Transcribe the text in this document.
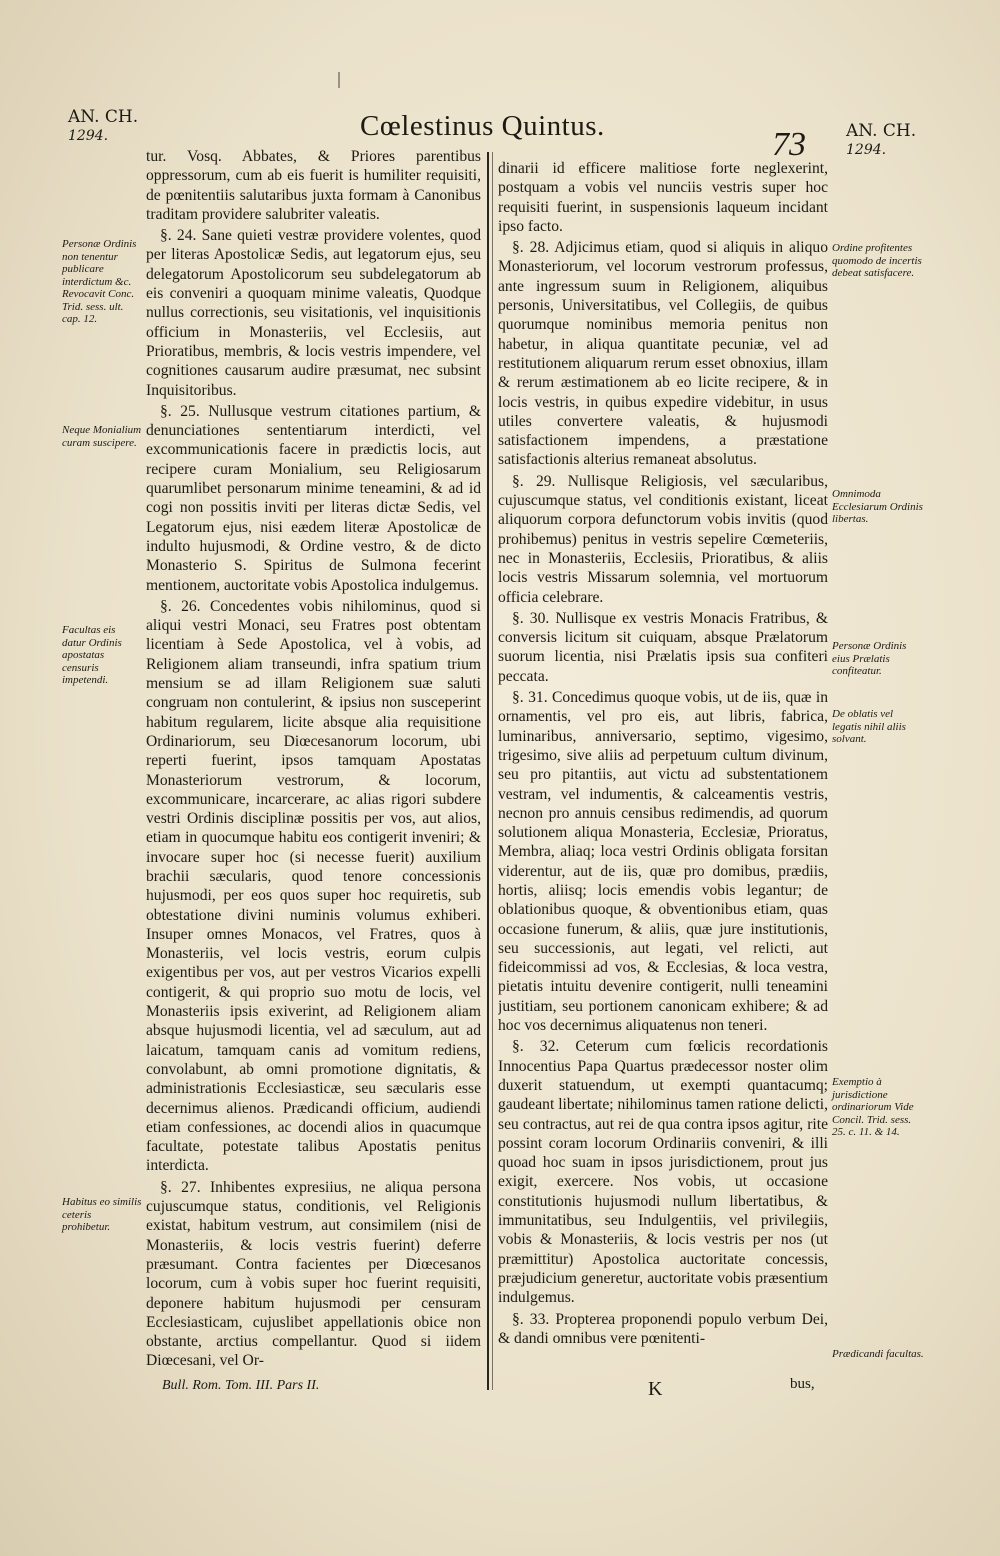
AN. CH.
1294.	Cœlestinus Quintus.	73 AN. CH.
1294.

tur. Vosq. Abbates, & Priores parentibus oppressorum, cum ab eis fuerit is humiliter requisiti, de pœnitentiis salutaribus juxta formam à Canonibus traditam providere salubriter valeatis.

§. 24. Sane quieti vestræ providere volentes, quod per literas Apostolicæ Sedis, aut legatorum ejus, seu delegatorum Apostolicorum seu subdelegatorum ab eis conveniri a quoquam minime valeatis, Quodque nullus correctionis, seu visitationis, vel inquisitionis officium in Monasteriis, vel Ecclesiis, aut Prioratibus, membris, & locis vestris impendere, vel cognitiones causarum audire præsumat, nec subsint Inquisitoribus.

§. 25. Nullusque vestrum citationes partium, & denunciationes sententiarum interdicti, vel excommunicationis facere in prædictis locis, aut recipere curam Monialium, seu Religiosarum quarumlibet personarum minime teneamini, & ad id cogi non possitis inviti per literas dictæ Sedis, vel Legatorum ejus, nisi eædem literæ Apostolicæ de indulto hujusmodi, & Ordine vestro, & de dicto Monasterio S. Spiritus de Sulmona fecerint mentionem, auctoritate vobis Apostolica indulgemus.

§. 26. Concedentes vobis nihilominus, quod si aliqui vestri Monaci, seu Fratres post obtentam licentiam à Sede Apostolica, vel à vobis, ad Religionem aliam transeundi, infra spatium trium mensium se ad illam Religionem suæ saluti congruam non contulerint, & ipsius non susceperint habitum regularem, licite absque alia requisitione Ordinariorum, seu Diœcesanorum locorum, ubi reperti fuerint, ipsos tamquam Apostatas Monasteriorum vestrorum, & locorum, excommunicare, incarcerare, ac alias rigori subdere vestri Ordinis disciplinæ possitis per vos, aut alios, etiam in quocumque habitu eos contigerit inveniri; & invocare super hoc (si necesse fuerit) auxilium brachii sæcularis, quod tenore concessionis hujusmodi, per eos quos super hoc requiretis, sub obtestatione divini numinis volumus exhiberi. Insuper omnes Monacos, vel Fratres, quos à Monasteriis, vel locis vestris, eorum culpis exigentibus per vos, aut per vestros Vicarios expelli contigerit, & qui proprio suo motu de locis, vel Monasteriis ipsis exiverint, ad Religionem aliam absque hujusmodi licentia, vel ad sæculum, aut ad laicatum, tamquam canis ad vomitum rediens, convolabunt, ab omni promotione dignitatis, & administrationis Ecclesiasticæ, seu sæcularis esse decernimus alienos. Prædicandi officium, audiendi etiam confessiones, ac docendi alios in quacumque facultate, potestate talibus Apostatis penitus interdicta.

§. 27. Inhibentes expresiius, ne aliqua persona cujuscumque status, conditionis, vel Religionis existat, habitum vestrum, aut consimilem (nisi de Monasteriis, & locis vestris fuerint) deferre præsumant. Contra facientes per Diœcesanos locorum, cum à vobis super hoc fuerint requisiti, deponere habitum hujusmodi per censuram Ecclesiasticam, cujuslibet appellationis obice non obstante, arctius compellantur. Quod si iidem Diœcesani, vel Or-

dinarii id efficere malitiose forte neglexerint, postquam a vobis vel nunciis vestris super hoc requisiti fuerint, in suspensionis laqueum incidant ipso facto.

§. 28. Adjicimus etiam, quod si aliquis in aliquo Monasteriorum, vel locorum vestrorum professus, ante ingressum suum in Religionem, aliquibus personis, Universitatibus, vel Collegiis, de quibus quorumque nominibus memoria penitus non habetur, in aliqua quantitate pecuniæ, vel ad restitutionem aliquarum rerum esset obnoxius, illam & rerum æstimationem ab eo licite recipere, & in locis vestris, in quibus expedire videbitur, in usus utiles convertere valeatis, & hujusmodi satisfactionem impendens, a præstatione satisfactionis alterius remaneat absolutus.

§. 29. Nullisque Religiosis, vel sæcularibus, cujuscumque status, vel conditionis existant, liceat aliquorum corpora defunctorum vobis invitis (quod prohibemus) penitus in vestris sepelire Cœmeteriis, nec in Monasteriis, Ecclesiis, Prioratibus, & aliis locis vestris Missarum solemnia, vel mortuorum officia celebrare.

§. 30. Nullisque ex vestris Monacis Fratribus, & conversis licitum sit cuiquam, absque Prælatorum suorum licentia, nisi Prælatis ipsis sua confiteri peccata.

§. 31. Concedimus quoque vobis, ut de iis, quæ in ornamentis, vel pro eis, aut libris, fabrica, luminaribus, anniversario, septimo, vigesimo, trigesimo, sive aliis ad perpetuum cultum divinum, seu pro pitantiis, aut victu ad substentationem vestram, vel indumentis, & calceamentis vestris, necnon pro annuis censibus redimendis, ad quorum solutionem aliqua Monasteria, Ecclesiæ, Prioratus, Membra, aliaq; loca vestri Ordinis obligata forsitan viderentur, aut de iis, quæ pro domibus, prædiis, hortis, aliisq; locis emendis vobis legantur; de oblationibus quoque, & obventionibus etiam, quas occasione funerum, & aliis, quæ jure institutionis, seu successionis, aut legati, vel relicti, aut fideicommissi ad vos, & Ecclesias, & loca vestra, pietatis intuitu devenire contigerit, nulli teneamini justitiam, seu portionem canonicam exhibere; & ad hoc vos decernimus aliquatenus non teneri.

§. 32. Ceterum cum fœlicis recordationis Innocentius Papa Quartus prædecessor noster olim duxerit statuendum, ut exempti quantacumq; gaudeant libertate; nihilominus tamen ratione delicti, seu contractus, aut rei de qua contra ipsos agitur, rite possint coram locorum Ordinariis conveniri, & illi quoad hoc suam in ipsos jurisdictionem, prout jus exigit, exercere. Nos vobis, ut occasione constitutionis hujusmodi nullum libertatibus, & immunitatibus, seu Indulgentiis, vel privilegiis, vobis & Monasteriis, & locis vestris per nos (ut præmittitur) Apostolica auctoritate concessis, præjudicium generetur, auctoritate vobis præsentium indulgemus.

§. 33. Propterea proponendi populo verbum Dei, & dandi omnibus vere pœnitenti-

Personæ Ordinis non tenentur publicare interdictum &c. Revocavit Conc. Trid. sess. ult. cap. 12.
Neque Monialium curam suscipere.
Facultas eis datur Ordinis apostatas censuris impetendi.
Habitus eo similis ceteris prohibetur.
Ordine profitentes quomodo de incertis debeat satisfacere.
Omnimoda Ecclesiarum Ordinis libertas.
Personæ Ordinis eius Prælatis confiteatur.
De oblatis vel legatis nihil aliis solvant.
Exemptio à jurisdictione ordinariorum Vide Concil. Trid. sess. 25. c. 11. & 14.
Prædicandi facultas.
Bull. Rom. Tom. III. Pars II.	K	bus,
